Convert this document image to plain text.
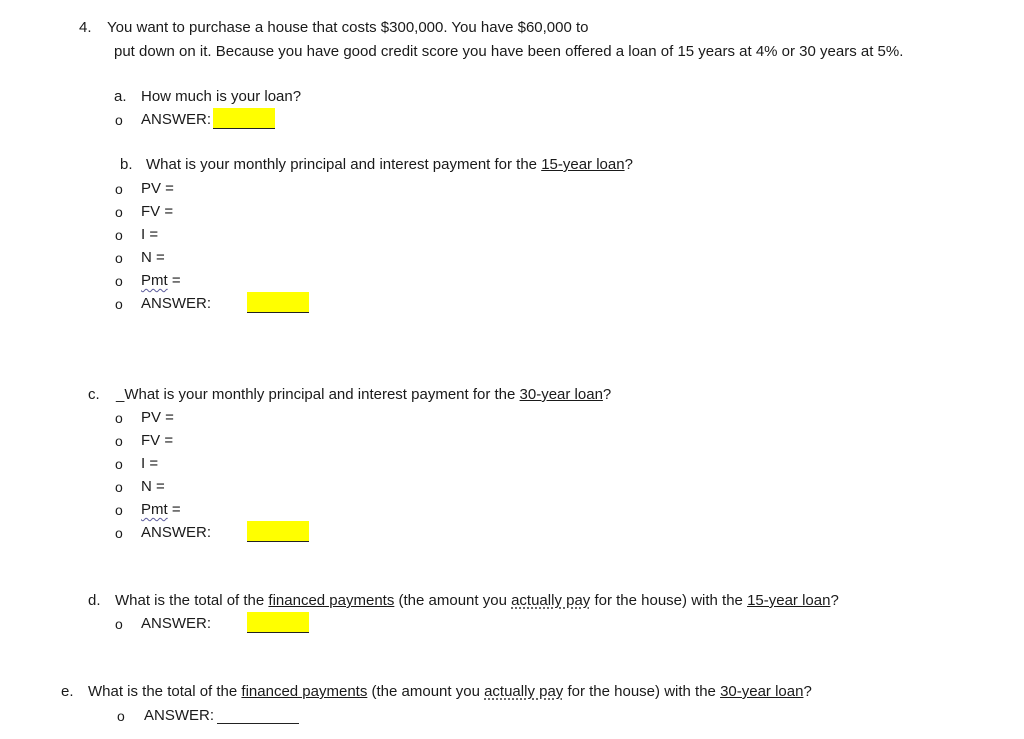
4. You want to purchase a house that costs $300,000. You have $60,000 to
put down on it. Because you have good credit score you have been offered a loan of 15 years at 4% or 30 years at 5%.
a. How much is your loan?
o ANSWER:
b. What is your monthly principal and interest payment for the 15-year loan?
o PV =
o FV =
o I =
o N =
o Pmt =
o ANSWER:
c. _What is your monthly principal and interest payment for the 30-year loan?
o PV =
o FV =
o I =
o N =
o Pmt =
o ANSWER:
d. What is the total of the financed payments (the amount you actually pay for the house) with the 15-year loan?
o ANSWER:
e. What is the total of the financed payments (the amount you actually pay for the house) with the 30-year loan?
o ANSWER:
